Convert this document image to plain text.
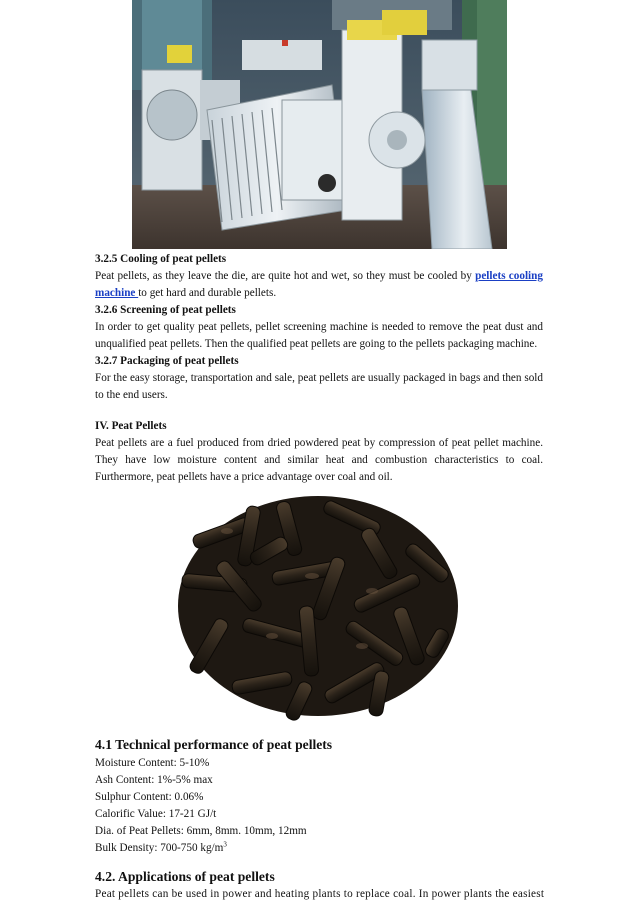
3.2.5 Cooling of peat pellets

Peat pellets, as they leave the die, are quite hot and wet, so they must be cooled by pellets cooling machine to get hard and durable pellets.

3.2.6 Screening of peat pellets

In order to get quality peat pellets, pellet screening machine is needed to remove the peat dust and unqualified peat pellets. Then the qualified peat pellets are going to the pellets packaging machine.

3.2.7 Packaging of peat pellets

For the easy storage, transportation and sale, peat pellets are usually packaged in bags and then sold to the end users.

IV. Peat Pellets

Peat pellets are a fuel produced from dried powdered peat by compression of peat pellet machine. They have low moisture content and similar heat and combustion characteristics to coal. Furthermore, peat pellets have a price advantage over coal and oil.

4.1 Technical performance of peat pellets

Moisture Content: 5-10%

Ash Content: 1%-5% max

Sulphur Content: 0.06%

Calorific Value: 17-21 GJ/t

Dia. of Peat Pellets: 6mm, 8mm. 10mm, 12mm

Bulk Density: 700-750 $kg/m^3$

4.2. Applications of peat pellets

Peat pellets can be used in power and heating plants to replace coal. In power plants the easiest
